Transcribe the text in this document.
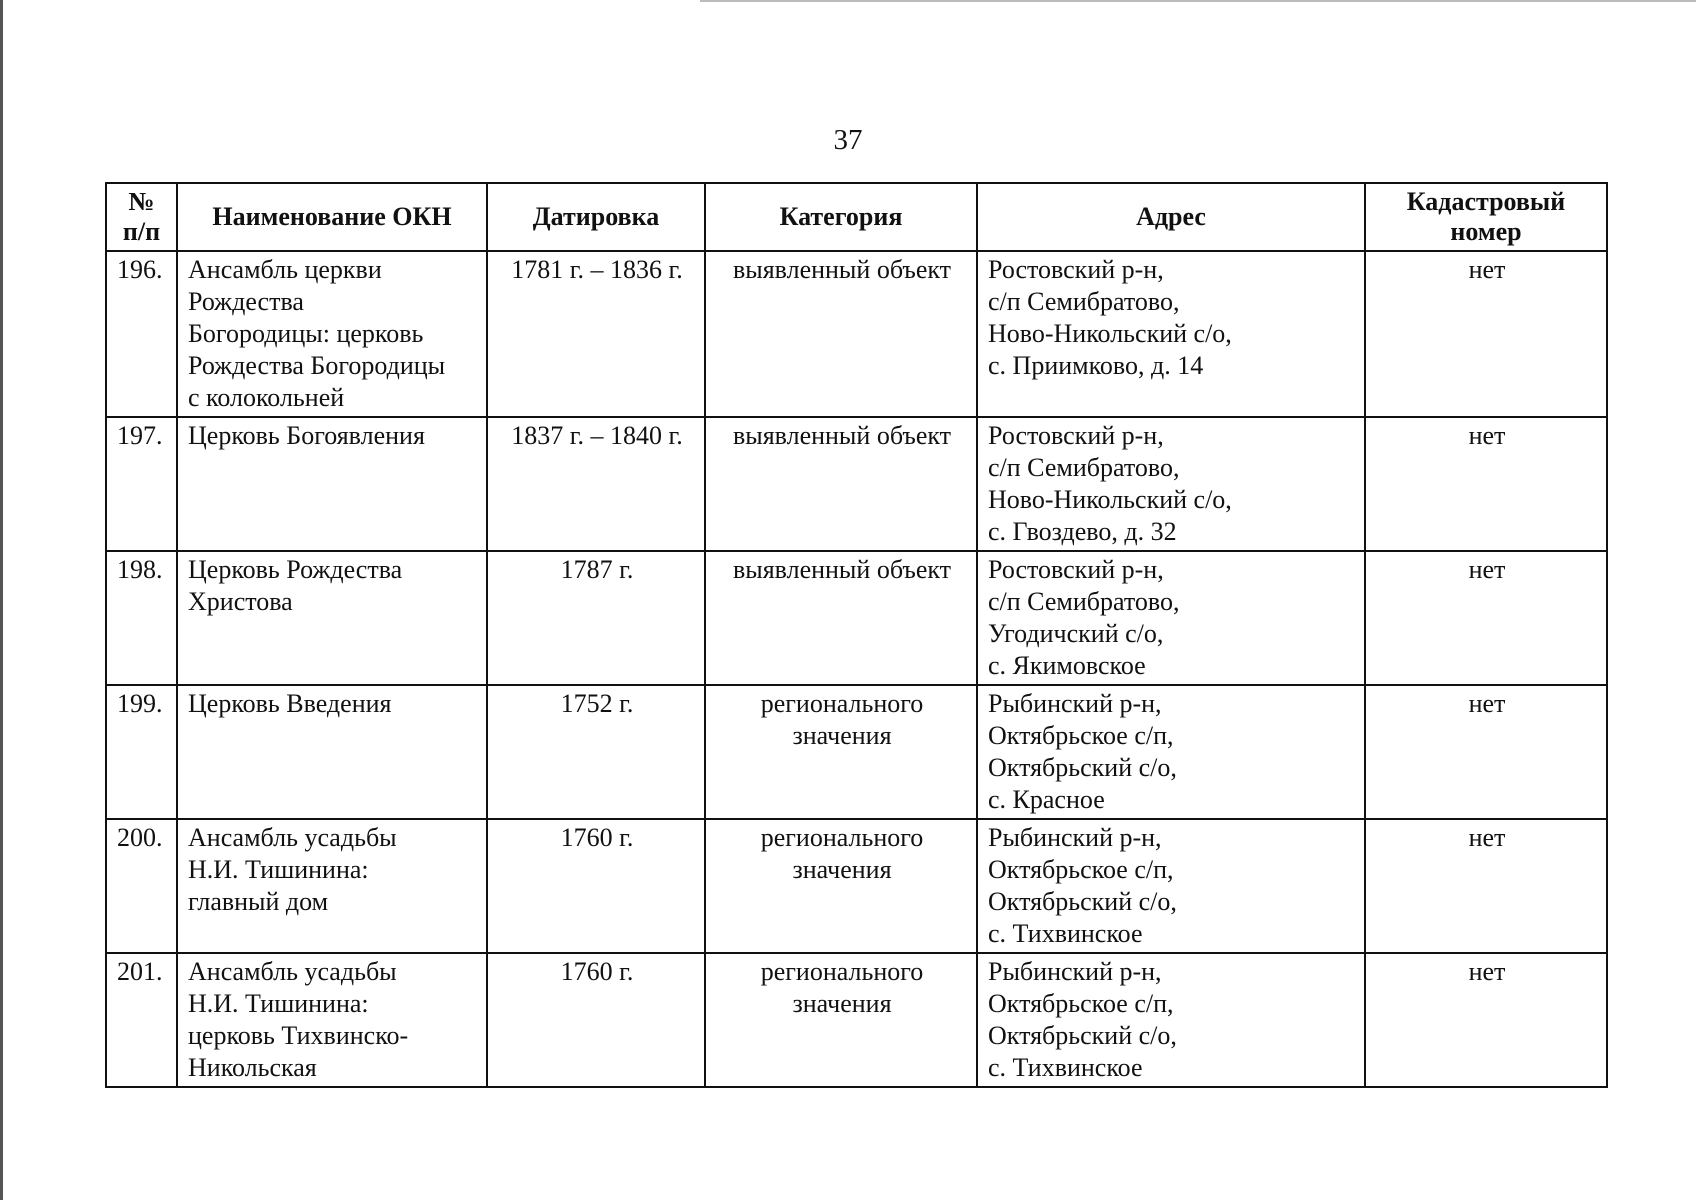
37
№
п/п	Наименование ОКН	Датировка	Категория	Адрес	Кадастровый
номер

196.	Ансамбль церкви
Рождества
Богородицы: церковь
Рождества Богородицы
с колокольней	1781 г. – 1836 г.	выявленный объект	Ростовский р-н,
с/п Семибратово,
Ново-Никольский с/о,
с. Приимково, д. 14	нет
197.	Церковь Богоявления	1837 г. – 1840 г.	выявленный объект	Ростовский р-н,
с/п Семибратово,
Ново-Никольский с/о,
с. Гвоздево, д. 32	нет
198.	Церковь Рождества
Христова	1787 г.	выявленный объект	Ростовский р-н,
с/п Семибратово,
Угодичский с/о,
с. Якимовское	нет
199.	Церковь Введения	1752 г.	регионального
значения	Рыбинский р-н,
Октябрьское с/п,
Октябрьский с/о,
с. Красное	нет
200.	Ансамбль усадьбы
Н.И. Тишинина:
главный дом	1760 г.	регионального
значения	Рыбинский р-н,
Октябрьское с/п,
Октябрьский с/о,
с. Тихвинское	нет
201.	Ансамбль усадьбы
Н.И. Тишинина:
церковь Тихвинско-
Никольская	1760 г.	регионального
значения	Рыбинский р-н,
Октябрьское с/п,
Октябрьский с/о,
с. Тихвинское	нет
